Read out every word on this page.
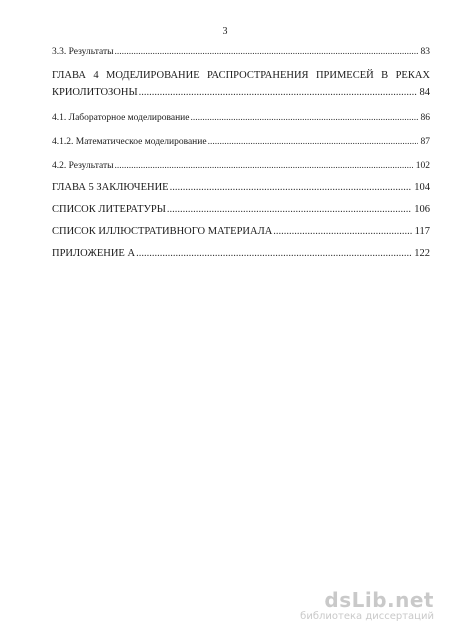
3
3.3. Результаты .....	83
ГЛАВА 4 МОДЕЛИРОВАНИЕ РАСПРОСТРАНЕНИЯ ПРИМЕСЕЙ В РЕКАХ
КРИОЛИТОЗОНЫ .....	84
4.1. Лабораторное моделирование .....	86
4.1.2. Математическое моделирование .....	87
4.2. Результаты .....	102
ГЛАВА 5 ЗАКЛЮЧЕНИЕ .....	104
СПИСОК ЛИТЕРАТУРЫ .....	106
СПИСОК ИЛЛЮСТРАТИВНОГО МАТЕРИАЛА .....	117
ПРИЛОЖЕНИЕ А .....	122
dsLib.net
библиотека диссертаций
